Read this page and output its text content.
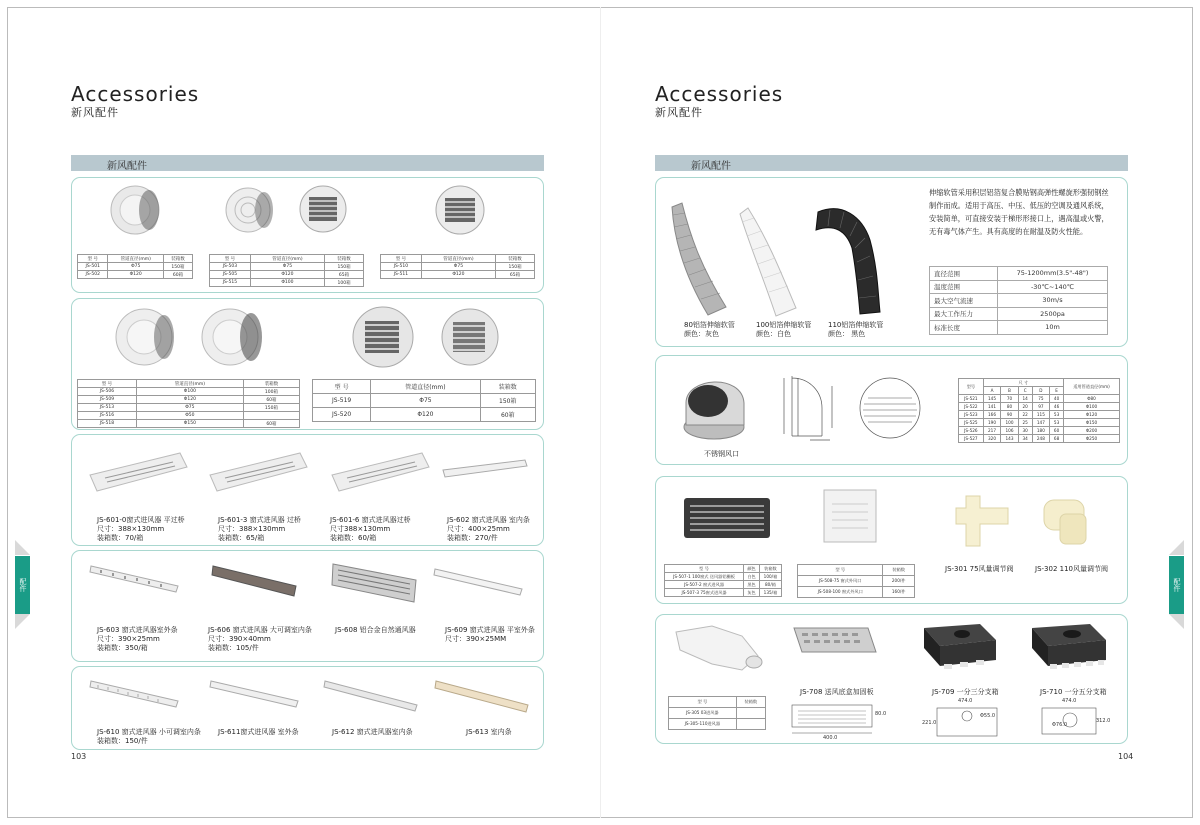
Accessories
新风配件
新风配件
型 号	管道直径(mm)	装箱数
JS-501	Φ75	150箱
JS-502	Φ120	60箱
型 号	管道直径(mm)	装箱数
JS-503	Φ75	150箱
JS-505	Φ120	65箱
JS-515	Φ100	100箱
型 号	管道直径(mm)	装箱数
JS-510	Φ75	150箱
JS-511	Φ120	65箱
型 号	管道直径(mm)	装箱数
JS-506	Φ100	100箱
JS-509	Φ120	60箱
JS-513	Φ75	150箱
JS-516	Φ50	
JS-518	Φ150	60箱
型 号	管道直径(mm)	装箱数
JS-519	Φ75	150箱
JS-520	Φ120	60箱
JS-601-0窗式进风器 平过桥
尺寸：388×130mm
装箱数：70/箱
JS-601-3 窗式进风器 过桥
尺寸：388×130mm
装箱数：65/箱
JS-601-6 窗式进风器过桥
尺寸388×130mm
装箱数：60/箱
JS-602 窗式进风器 室内条
尺寸：400×25mm
装箱数：270/件
JS-603 窗式进风器室外条
尺寸：390×25mm
装箱数：350/箱
JS-606 窗式进风器 大可调室内条
尺寸：390×40mm
装箱数：105/件
JS-608 铝合金自然通风器	JS-609 窗式进风器 平室外条
尺寸：390×25MM
JS-610 窗式进风器 小可调室内条
装箱数：150/件
JS-611窗式进风器 室外条	JS-612 窗式进风器室内条	JS-613 室内条
103
配件
Accessories
新风配件
新风配件
80铝箔伸缩软管
颜色：灰色
100铝箔伸缩软管
颜色：白色
110铝箔伸缩软管
颜色： 黑色
伸缩软管采用积层铝箔复合膜贴钢高弹性螺旋形强韧钢丝制作而成。适用于高压、中压、低压的空调及通风系统，安装简单，可直接安装于梯形形接口上，遇高温或火警，无有毒气体产生。具有高度的在耐温及防火性能。
直径范围	75-1200mm(3.5"-48")
温度范围	-30℃~140℃
最大空气流速	30m/s
最大工作压力	2500pa
标准长度	10m
不锈钢风口
型号	尺 寸					适用管道直径(mm)
	A	B	C	D	E	
JS-521	145	70	14	75	40	Φ80
JS-522	141	80	20	97	46	Φ100
JS-523	166	90	22	115	53	Φ120
JS-525	190	100	25	147	53	Φ150
JS-526	217	106	30	180	60	Φ200
JS-527	320	143	34	248	68	Φ250
型 号	颜色	装箱数
JS-507-1 100窗式 送风器铝栅板	白色	100/箱
JS-507-2 窗式进风器	黑色	80/箱
JS-507-3 75窗式进风器	灰色	135/箱
型 号	装箱数
JS-508-75 窗式外风口	200/件
JS-508-100 窗式外风口	160/件
JS-301 75风量调节阀	JS-302 110风量调节阀
型 号	装箱数
JS-305 03进风器	
JS-305-110进风器	
JS-708 送风底盒加固板
400.0
80.0
JS-709 一分三分支箱
474.0
221.0
Φ55.0
JS-710 一分五分支箱
474.0
312.0
Φ76.0
104
配件
